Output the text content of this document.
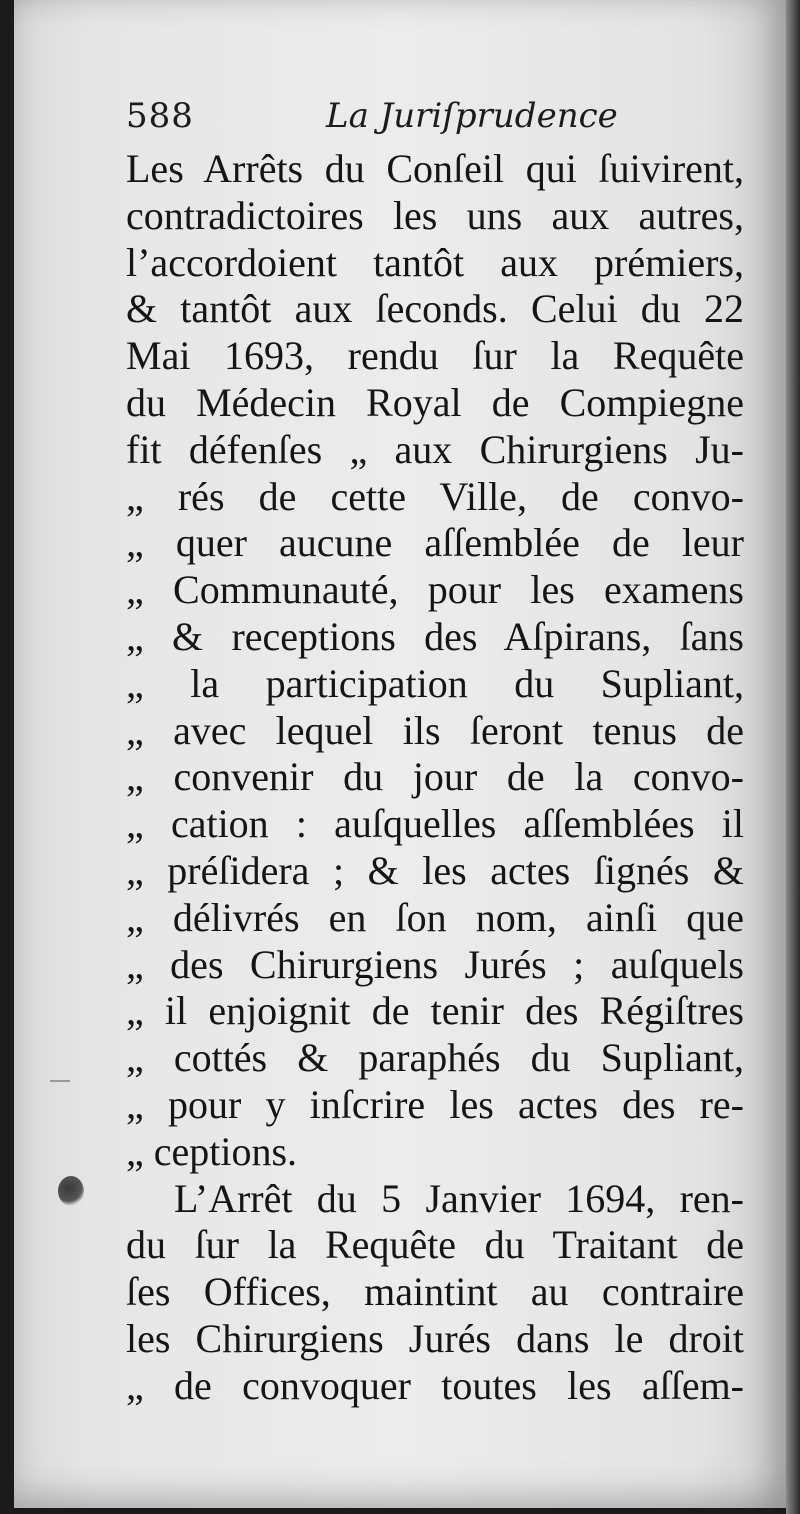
588	La Juriſprudence
Les Arrêts du Conſeil qui ſuivirent,
contradictoires les uns aux autres,
l’accordoient tantôt aux prémiers,
& tantôt aux ſeconds. Celui du 22
Mai 1693, rendu ſur la Requête
du Médecin Royal de Compiegne
fit défenſes „ aux Chirurgiens Ju-
„ rés de cette Ville, de convo-
„ quer aucune aſſemblée de leur
„ Communauté, pour les examens
„ & receptions des Aſpirans, ſans
„ la participation du Supliant,
„ avec lequel ils ſeront tenus de
„ convenir du jour de la convo-
„ cation : auſquelles aſſemblées il
„ préſidera ; & les actes ſignés &
„ délivrés en ſon nom, ainſi que
„ des Chirurgiens Jurés ; auſquels
„ il enjoignit de tenir des Régiſtres
„ cottés & paraphés du Supliant,
„ pour y inſcrire les actes des re-
„ ceptions.
L’Arrêt du 5 Janvier 1694, ren-
du ſur la Requête du Traitant de
ſes Offices, maintint au contraire
les Chirurgiens Jurés dans le droit
„ de convoquer toutes les aſſem-
